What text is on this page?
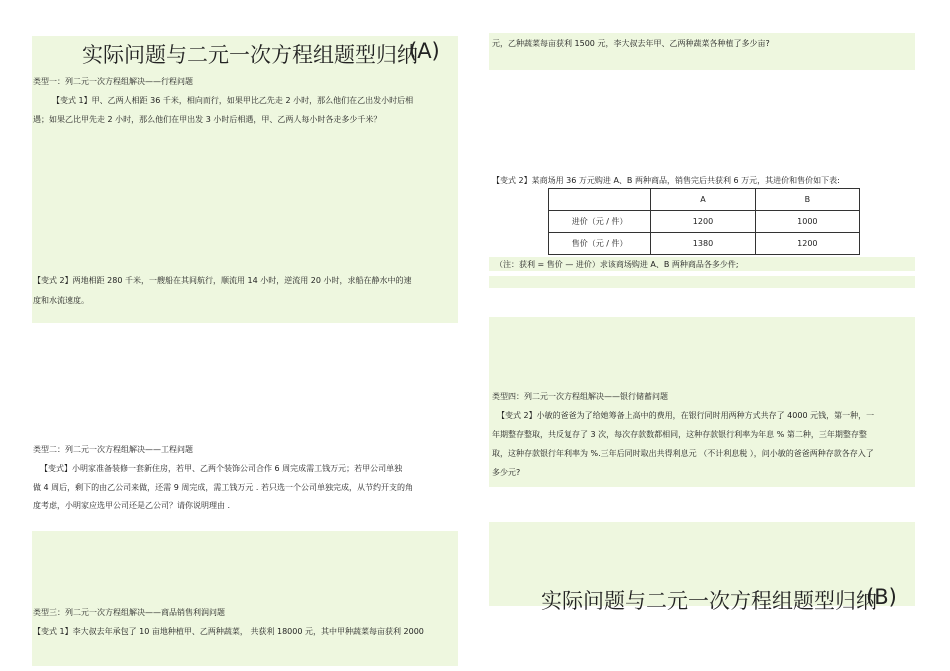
实际问题与二元一次方程组题型归纳
(A)
类型一：列二元一次方程组解决——行程问题
【变式 1】甲、乙两人相距 36 千米，相向而行，如果甲比乙先走 2 小时，那么他们在乙出发小时后相
遇；如果乙比甲先走 2 小时，那么他们在甲出发 3 小时后相遇，甲、乙两人每小时各走多少千米？
【变式 2】两地相距 280 千米，一艘船在其间航行，顺流用 14 小时，逆流用 20 小时，求船在静水中的速
度和水流速度。
类型二：列二元一次方程组解决——工程问题
【变式】小明家准备装修一套新住房，若甲、乙两个装饰公司合作 6 周完成需工钱万元；若甲公司单独
做 4 周后，剩下的由乙公司来做，还需 9 周完成，需工钱万元 . 若只选一个公司单独完成，从节约开支的角
度考虑，小明家应选甲公司还是乙公司？请你说明理由 .
类型三：列二元一次方程组解决——商品销售利润问题
【变式 1】李大叔去年承包了 10 亩地种植甲、乙两种蔬菜， 共获利 18000 元，其中甲种蔬菜每亩获利 2000
元，乙种蔬菜每亩获利 1500 元，李大叔去年甲、乙两种蔬菜各种植了多少亩?
【变式 2】某商场用 36 万元购进 A、B 两种商品，销售完后共获利 6 万元，其进价和售价如下表:
	A	B
进价（元 / 件）	1200	1000
售价（元 / 件）	1380	1200
（注：获利 = 售价 — 进价）求该商场购进 A、B 两种商品各多少件;
类型四：列二元一次方程组解决——银行储蓄问题
【变式 2】小敏的爸爸为了给她筹备上高中的费用，在银行同时用两种方式共存了 4000 元钱，第一种，一
年期整存整取，共反复存了 3 次，每次存款数都相同，这种存款银行利率为年息 % 第二种，三年期整存整
取，这种存款银行年利率为 %.三年后同时取出共得利息元 （不计利息税 ），问小敏的爸爸两种存款各存入了
多少元?
实际问题与二元一次方程组题型归纳
(B)
